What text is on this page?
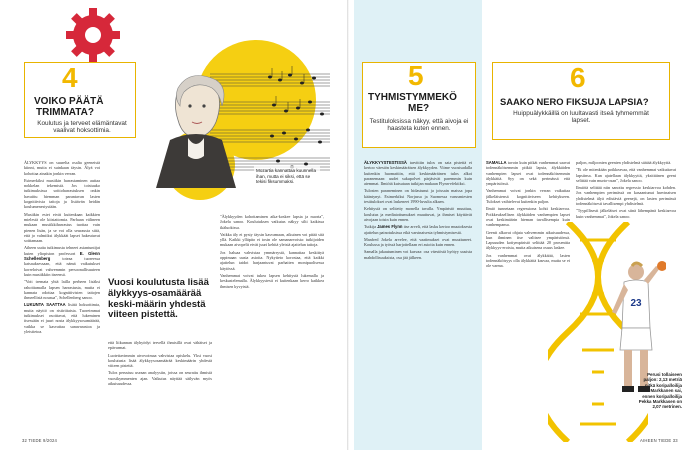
Mozartia kannattaa kuunnella ihan, mutta ei siksi, että se tekisi fiksummaksi.
4
VOIKO PÄÄTÄ
TRIMMATA?
Koulutus ja terveet elämäntavat vaalivat hoksottimia.

ÄLYKKYYS on suurelta osalta geeneistä kiinni, mutta ei suinkaan täysin. Älyä voi kohottaa ainakin jonkin verran.

Esimerkiksi musiikin harrastaminen auttaa nokkelan tekemistä. Jos toistuuko tutkimuksissa soittoharrastuksen onkin havaittu hiemman parantavan lasten kognitiivisia taitoja ja lisäävän heidän koulumenestystään.

Musiikin esiet eivät kuitenkaan kaikkien mielestä ole kiistattomia. Parhaan välineen mukaan musiikkiharrastus tuottaa vain pienen lisän, ja se voi olla seurausta siitä, että jo valmiiksi älykkäät lapset hakeutuvat soittamaan.

Aiheen uutta tutkimusta tehneet asiantuntijat kuten yliopiston professori E. Glenn Schellenberg	toteaa tuoreessa katsauksessaan, että nämä vaikutukset korreloivat vahvemmin persoonallisuuteen kuin musiikkiin itseensä.

"Voit tremata yhtä lailla perheen lisäksi rahoittamalla lapsen harrastusta, mutta ei kannata odottaa kognitiivisten taitojen ihmeellistä nousua", Schellenberg sanoo.

LUKUNTA SAATTAA lisätä hoksottimia, mutta näyttö on ristiriitaista. Tuoreimmat tutkimukset osoittavat, että lukeminen itsessään ei juuri nosta älykkyysosamäärää, vaikka se kasvattaa sanavarastoa ja yleistietoa.

Vuosi koulutusta lisää älykkyys-osamäärää keski-määrin yhdestä viiteen pistettä.

että liikunnan älyhyödyt tervellä ihmisillä ovat vähäiset ja epävarmat.

Luotettavimmin aivovoimaa vahvistaa opiskelu. Yksi vuosi koulutusta lisää älykkyysosamäärää keskimäärin yhdestä viiteen pistettä.

Tulos perustuu useaan analyysiin, joissa on seurattu ihmisiä vuosikymmenten ajan. Vaikutus näyttää säilyvän myös aikuisuudessa.

"Älykkyyden kohottaminen aika-koskee lapsia ja nuoria", Jokela sanoo. Koulutuksen vaikutus näkyy silti kaikissa ikäluokissa.

Vaikka äly ei pysty täysin kasvamaan, aikuinen voi pitää sitä yllä. Kaikki ylläpito ei tosin ole samanarvoista: tutkijoiden mukaan aivopelit eivät juuri kehitä yleisiä ajattelun taitoja.

Jos haluaa vahvistaa ymmärrystä, kannattaa keskittyä oppimaan uusia asioita. Nykytieto korostaa, että kaikki ajattelun taidot harjaantuvat parhaiten monipuolisessa käytössä.

Vanhemmat voivat tukea lapsen kehitystä lukemalla ja keskustelemalla. Älykkyystesti ei kuitenkaan kerro kaikkea ihmisen kyvyistä.

32 TIEDE 9/2024
5
TYHMISTYMMEKÖ
ME?
Testituloksissa näkyy, että aivoja ei haasteta kuten ennen.

ÄLYKKYYSTESTISSÄ tarvittiin tulos on sata pistettä ei kertoo väestön keskimääräisen älykkyyden. Viime vuosisadalla kuitenkin huomattiin, että keskimääräinen tulos alkoi paranemaan: uudet sukupolvet pärjäsivät paremmin kuin aiemmat. Ilmiötä kutsutaan tutkijan mukaan Flynn-efektiksi.

Tulosten paraneminen on hidastunut ja joissain maissa jopa kääntynyt. Esimerkiksi Norjassa ja Suomessa varusmiesten testitulokset ovat laskeneet 1990-luvulta alkaen.

Kehitystä on selitetty monella tavalla. Ympäristö muuttuu, koulutus ja mediatottumukset muuttuvat, ja ihmiset käyttävät aivojaan toisin kuin ennen.

Tutkija James Flynn itse arveli, että lasku kertoo muutoksesta ajattelun painotuksissa eikä varsinaisesta tyhmistymisestä.

Manfred Jokela arvelee, että vaatimukset ovat muuttuneet. Koulussa ja työssä harjoitellaan eri asioita kuin ennen.

Samalla jakautuminen voi kasvaa: osa väestöstä hyötyy uusista mahdollisuuksista, osa jää jälkeen.

6
SAAKO NERO FIKSUJA LAPSIA?
Huippuälykkäillä on luultavasti itseä tyhmemmät lapset.

SAMALLA tavoin kuin pitkät vanhemmat saavat todennäköisemmin pitkiä lapsia, älykkäiden vanhempien lapset ovat todennäköisemmin älykkäitä. Syy on sekä perimässä että ympäristössä.

Vanhemmat voivat jonkin verran vaikuttaa jälkeläistensä kognitiiviseen kehitykseen. Tulokset vaihtelevat kuitenkin paljon.

Ilmiö tunnetaan regressiona kohti keskiarvoa. Poikkeuksellisen älykkäiden vanhempien lapset ovat keskimäärin hieman tavallisempia kuin vanhempansa.

Geenit alkavat ohjata vahvemmin aikuisuudessa, kun ihminen itse valitsee ympäristönsä. Lapsuuden kotiympäristö selittää 20 prosenttia älykkyys-eroista, mutta aikuisena osuus laskee.

Jos vanhemmat ovat älykkäitä, lasten todennäköisyys olla älykkäitä kasvaa, mutta se ei ole varma.

paljon, miljoonien geenien yhdistelmä säätää älykkyyttä.

"Ei ole mitenkään poikkeavaa, että vanhemmat vaikuttavat lapsiinsa. Kun ajatellaan älykkyyttä, yksittäinen geeni selittää vain murto-osan", Jokela sanoo.

Ilmiötä selittää niin sanottu regressio keskiarvoa kohden. Jos vanhempien perimässä on kasaantunut harvinaisen yhdistelmä älyä edistäviä geenejä, on lasten perimässä todennäköisesti tavallisempi yhdistelmä.

"Tyypillisesti jälkeläiset ovat siinä lähempänä keskiarvoa kuin vanhemmat", Jokela sanoo.

23
Perusi tollaiseen paljon: 2,13 metriä pitkä koripalloilija Lauri Markkanen sai, ennen koripalloilija Pekka Markkasen on 2,07 metrinen.
AIHEEN TIEDE 33
